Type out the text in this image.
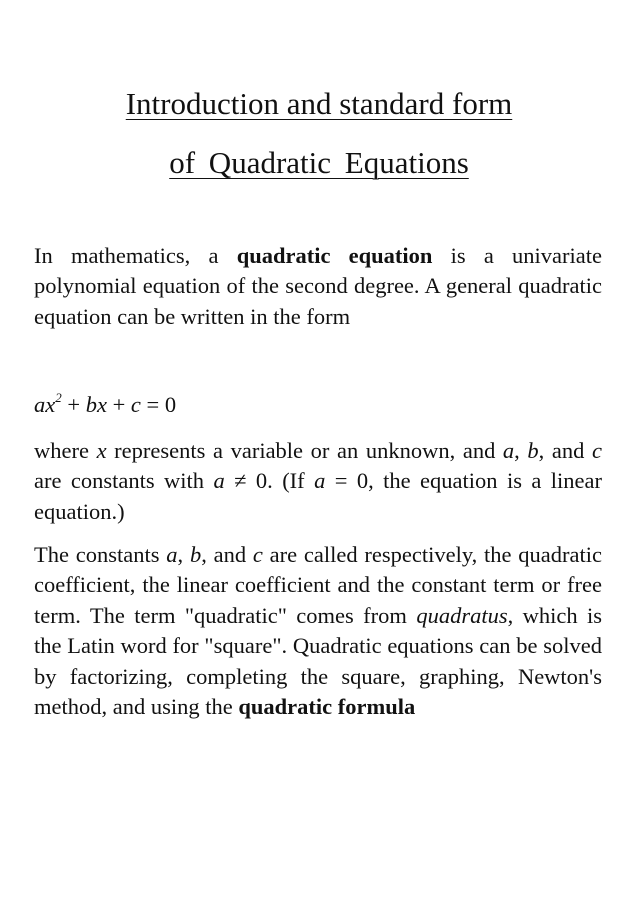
Introduction and standard form
of Quadratic Equations
In mathematics, a quadratic equation is a univariate polynomial equation of the second degree. A general quadratic equation can be written in the form
$ax^2$ + bx + c = 0
where x represents a variable or an unknown, and a, b, and c are constants with a ≠ 0. (If a = 0, the equation is a linear equation.)
The constants a, b, and c are called respectively, the quadratic coefficient, the linear coefficient and the constant term or free term. The term "quadratic" comes from quadratus, which is the Latin word for "square". Quadratic equations can be solved by factorizing, completing the square, graphing, Newton's method, and using the quadratic formula
